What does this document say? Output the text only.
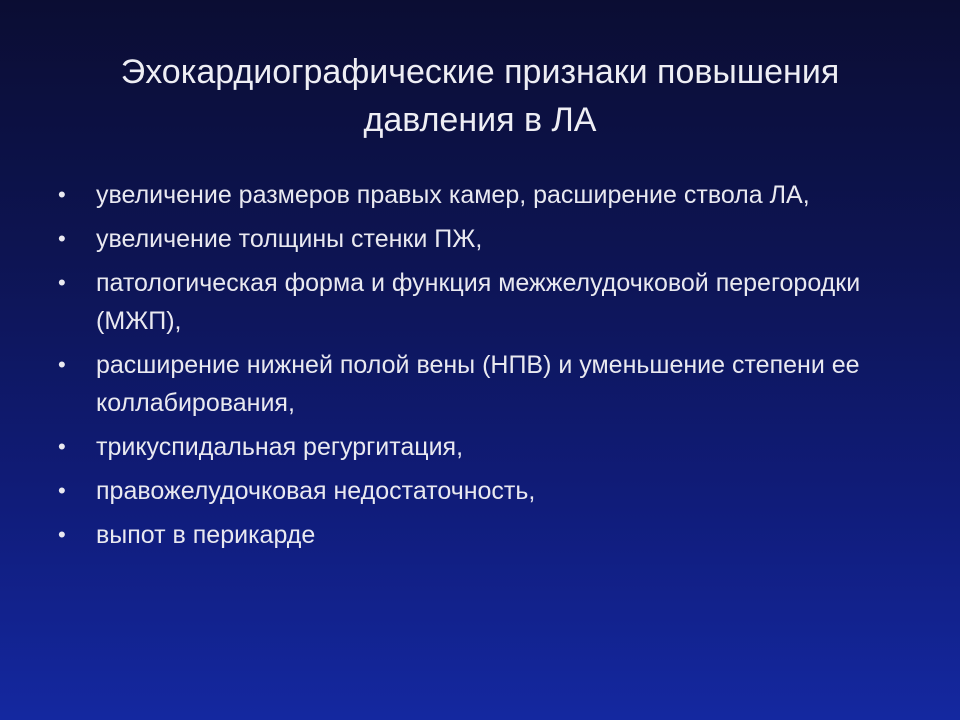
Эхокардиографические признаки повышения
давления в ЛА
•	увеличение размеров правых камер, расширение ствола ЛА,
•	увеличение толщины стенки ПЖ,
•	патологическая форма и функция межжелудочковой перегородки (МЖП),
•	расширение нижней полой вены (НПВ) и уменьшение степени ее коллабирования,
•	трикуспидальная регургитация,
•	правожелудочковая недостаточность,
•	выпот в перикарде
